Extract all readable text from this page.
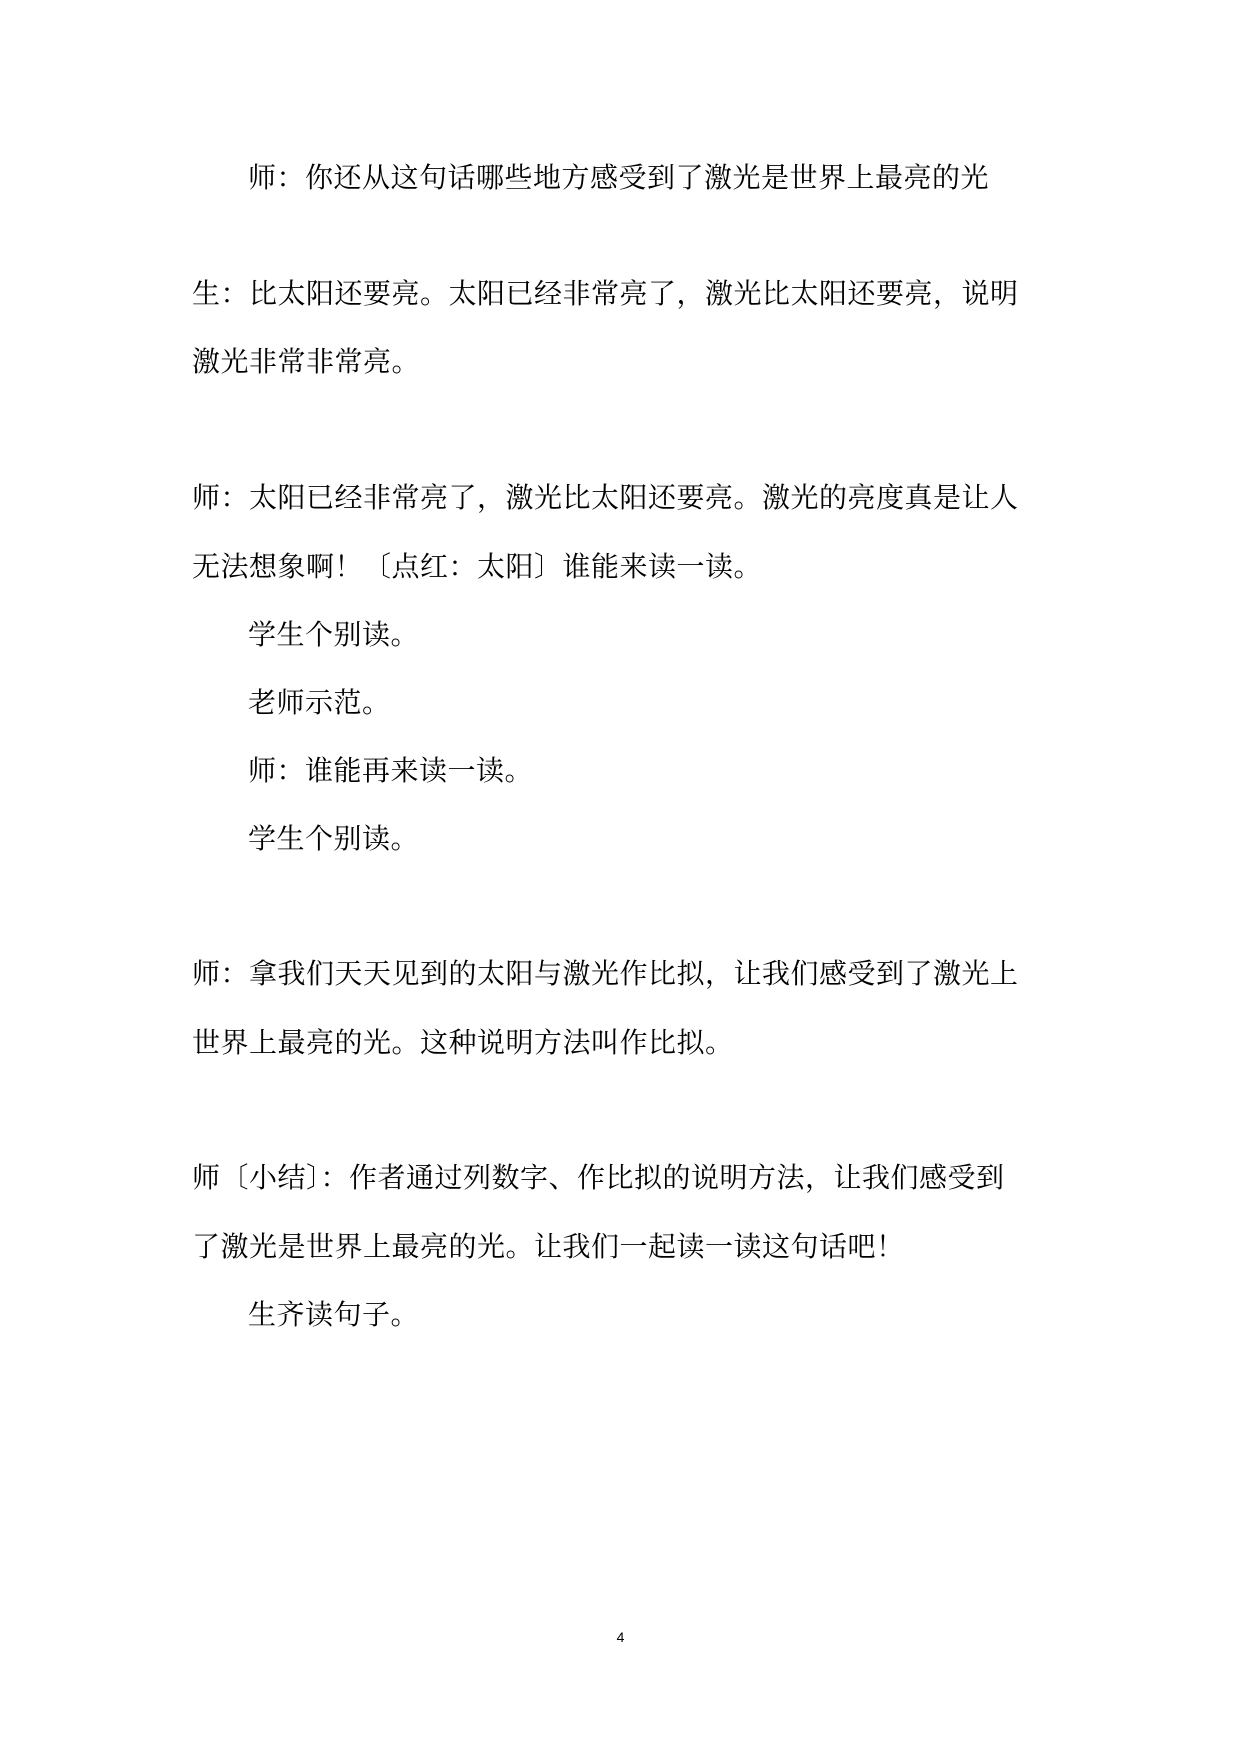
师：你还从这句话哪些地方感受到了激光是世界上最亮的光
生：比太阳还要亮。太阳已经非常亮了，激光比太阳还要亮，说明
激光非常非常亮。
师：太阳已经非常亮了，激光比太阳还要亮。激光的亮度真是让人
无法想象啊！〔点红：太阳〕谁能来读一读。
学生个别读。
老师示范。
师：谁能再来读一读。
学生个别读。
师：拿我们天天见到的太阳与激光作比拟，让我们感受到了激光上
世界上最亮的光。这种说明方法叫作比拟。
师〔小结〕：作者通过列数字、作比拟的说明方法，让我们感受到
了激光是世界上最亮的光。让我们一起读一读这句话吧！
生齐读句子。
4
